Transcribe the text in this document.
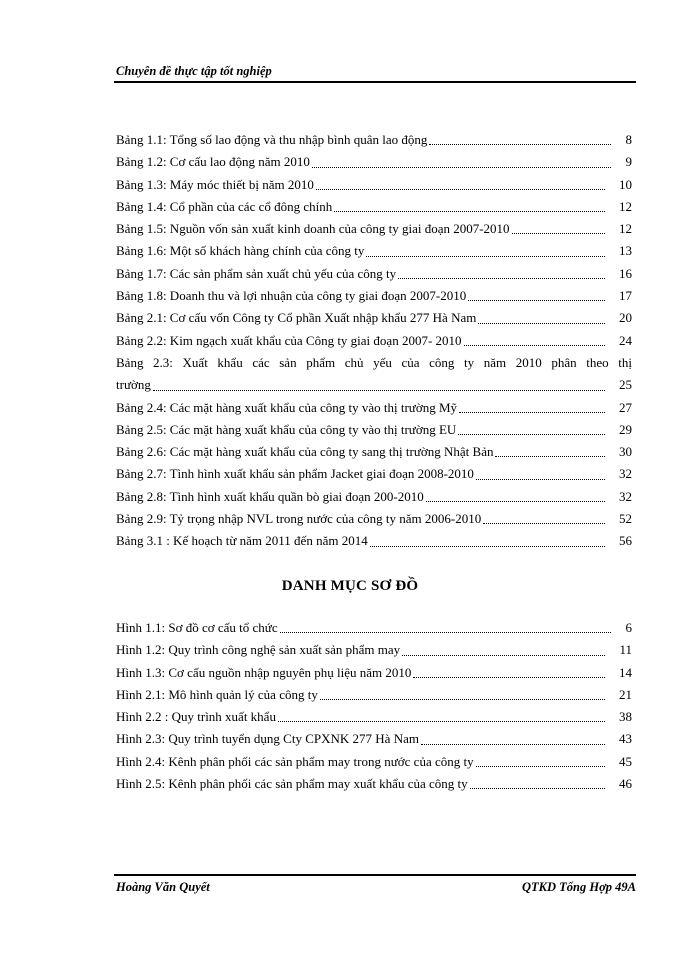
Chuyên đề thực tập tốt nghiệp
Bảng 1.1: Tổng số lao động và thu nhập bình quân lao động	8
Bảng 1.2: Cơ cấu lao động năm 2010	9
Bảng 1.3: Máy móc thiết bị năm 2010	10
Bảng 1.4: Cổ phần của các cổ đông chính	12
Bảng 1.5: Nguồn vốn sản xuất kinh doanh của công ty giai đoạn 2007-2010	12
Bảng 1.6: Một số khách hàng chính của công ty	13
Bảng 1.7: Các sản phẩm sản xuất chủ yếu của công ty	16
Bảng 1.8: Doanh thu và lợi nhuận của công ty giai đoạn 2007-2010	17
Bảng 2.1: Cơ cấu vốn Công ty Cổ phần Xuất nhập khẩu 277 Hà Nam	20
Bảng 2.2: Kim ngạch xuất khẩu của Công ty giai đoạn 2007- 2010	24
Bảng 2.3: Xuất khẩu các sản phẩm chủ yếu của công ty năm 2010 phân theo thị
trường	25
Bảng 2.4: Các mặt hàng xuất khẩu của công ty vào thị trường Mỹ	27
Bảng 2.5: Các mặt hàng xuất khẩu của công ty vào thị trường EU	29
Bảng 2.6: Các mặt hàng xuất khẩu của công ty sang thị trường Nhật Bản	30
Bảng 2.7: Tình hình xuất khẩu sản phẩm Jacket giai đoạn 2008-2010	32
Bảng 2.8: Tình hình xuất khẩu quần bò giai đoạn 200-2010	32
Bảng 2.9: Tỷ trọng nhập NVL trong nước của công ty năm 2006-2010	52
Bảng 3.1 : Kế hoạch từ năm 2011 đến năm 2014	56
DANH MỤC SƠ ĐỒ
Hình 1.1: Sơ đồ cơ cấu tổ chức	6
Hình 1.2: Quy trình công nghệ sản xuất sản phẩm may	11
Hình 1.3: Cơ cấu nguồn nhập nguyên phụ liệu năm 2010	14
Hình 2.1: Mô hình quản lý của công ty	21
Hình 2.2 : Quy trình xuất khẩu	38
Hình 2.3: Quy trình tuyển dụng Cty CPXNK 277 Hà Nam	43
Hình 2.4: Kênh phân phối các sản phẩm may trong nước của công ty	45
Hình 2.5: Kênh phân phối các sản phẩm may xuất khẩu của công ty	46
Hoàng Văn Quyết	QTKD Tổng Hợp 49A
